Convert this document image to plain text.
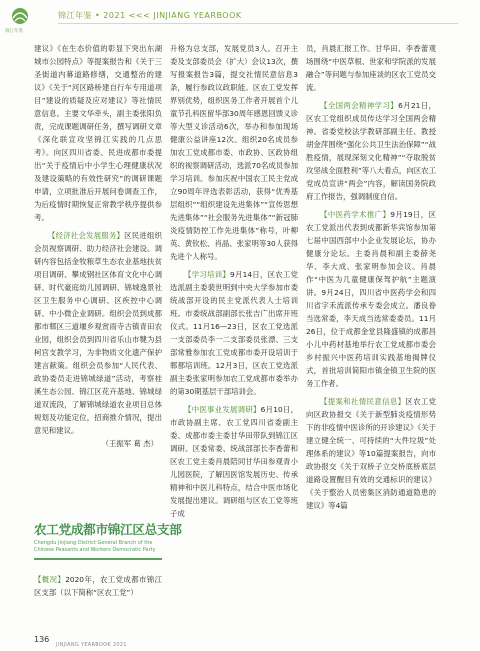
锦江年鉴
锦江年鉴 • 2021 <<< JINJIANG YEARBOOK

建议》《在生态价值的彰显下突出东湖城市公园特点》等提案报告和《关于三圣街道内幕道路修缮，交通整治的建议》《关于“河区路桥建自行车专用道项目”建设的质疑及应对建议》等社情民意信息。主要文华牵头，副主委张阳负责，完成课题调研任务，撰写调研文章《深化联宣攻坚锦江实践的几点思考》。向区四川省委、民进成都市委提出“关于疫情后中小学生心理健康状况及建设策略的有效性研究”的调研课题申请，立项批准后开展问卷调查工作，为后疫情时期恢复正常教学秩序提供参考。

【经济社会发展服务】区民进组织会员视察调研、助力经济社会建设。调研内容包括金牧粮草生态农业基地扶贫项目调研、攀成钢社区体育文化中心调研、时代豪庭幼儿园调研、锦城逸景社区卫生服务中心调研、区疾控中心调研、中小微企业调研。组织会员到成都都市郫区三道堰乡观赏雨寺古镇青田农业园，组织会员到四川省乐山市犍为县柯宫支教学习，为非物质文化遗产保护建言献策。组织会员参加“人民代表、政协委员走进锦城绿道”活动，考察桂溪生态公园、锦江区花卉基地、锦城绿道双流段，了解锦城绿道农业项目总体规划及功能定位，招商推介情况，提出意见和建议。

（王振军 葛 杰）

农工党成都市锦江区总支部
Chengdu Jinjiang District General Branch of the Chinese Peasants and Workers Democratic Party
【概况】2020年，农工党成都市锦江区支部（以下简称“区农工党”）

升格为总支部，发展党员3人。召开主委及支部委员会（扩大）会议13次，撰写报案报告3篇，提交社情民意信息3条，履行参政议政职能。区农工党发挥界别优势，组织医务工作者开展首个儿童节孔科医留华部30周年感恩回馈义诊等大型义诊活动6次，举办和参加现场健康公益讲座12次。组织20名成员参加农工党成都市委、市政协、区政协组织的视察调研活动，选派70名成员参加学习培训。参加庆祝中国农工民主党成立90周年评选表彰活动，获得“优秀基层组织”“组织建设先进集体”“宣传思想先进集体”“社会服务先进集体”“新冠肺炎疫情防控工作先进集体”称号，叶柳英、黄钦松、肖晶、张家明等30人获得先进个人称号。

【学习培训】9月14日，区农工党选派副主委裴世明到中央大学参加市委统战部开设的民主党派代表人士培训班。市委统战部副部长张吉广出席开班仪式。11月16—23日，区农工党选派一支部委员李一二支部委员张漂、三支部常雅参加农工党成都市委开设培训于郫都培训班。12月3日，区农工党选派副主委张家明参加农工党成都市委举办的第30期基层干部培训会。

【中医事业发展调研】6月10日，市政协副主席、农工党四川省委副主委、成都市委主委甘华田带队到锦江区调研。区委常委、统战部部长李香蕾和区农工党主委肖晨陪同甘华田参观青小儿园医院，了解因医馆发展历史、传承精神和中医儿科特点，结合中医市场化发展提出建议。调研组与区农工党等班子成

员，肖晨汇报工作。甘华田、李香蕾观场围绕“中医草根、世家和学院派的发展融合”等问题与参加座谈的区农工党员交流。

【全国两会精神学习】6月21日，区农工党组织成员传达学习全国两会精神。省委党校法学教研部副主任、教授胡金萍围绕“强化公共卫生法治保障”“战胜疫情，展现深刻文化精神”“夺取脱贫攻坚战全面胜利”等八大看点，向区农工党成员宣讲“两会”内容，解读国务院政府工作报告，强调制度自信。

【中医药学术推广】9月19日，区农工党派出代表到成都新华宾馆参加第七届中国西部中小企业发展论坛，协办健康分论坛。主委肖晨和副主委薛尧华、李大成、张家明参加会议。肖晨作“中医为几童健康保驾护航”主题演讲。9月24日，四川省中医药学会和四川省字禾流派传承专委会成立。潘良眷当选常委，李天成当选常委委员。11月26日，位于成都金堂县隆盛镇的成都昌小儿中药材基地举行农工党成都市委会乡村振兴中医药培训实践基地揭牌仪式，首批培训简阳市镇金镇卫生院的医务工作者。

【提案和社情民意信息】区农工党向区政协报交《关于新型肺炎疫情形势下的非疫情中医诊所的开诊建议》《关于建立健全统一、可持续的“大件垃圾”处理体系的建议》等10篇提案报告，向市政协报交《关于双桥子立交桥底桥底层道路设置醒目有效的交通标识的建议》《关于整治人员密集区消防通道隐患的建议》等4篇

136
JINJIANG YEARBOOK 2021
